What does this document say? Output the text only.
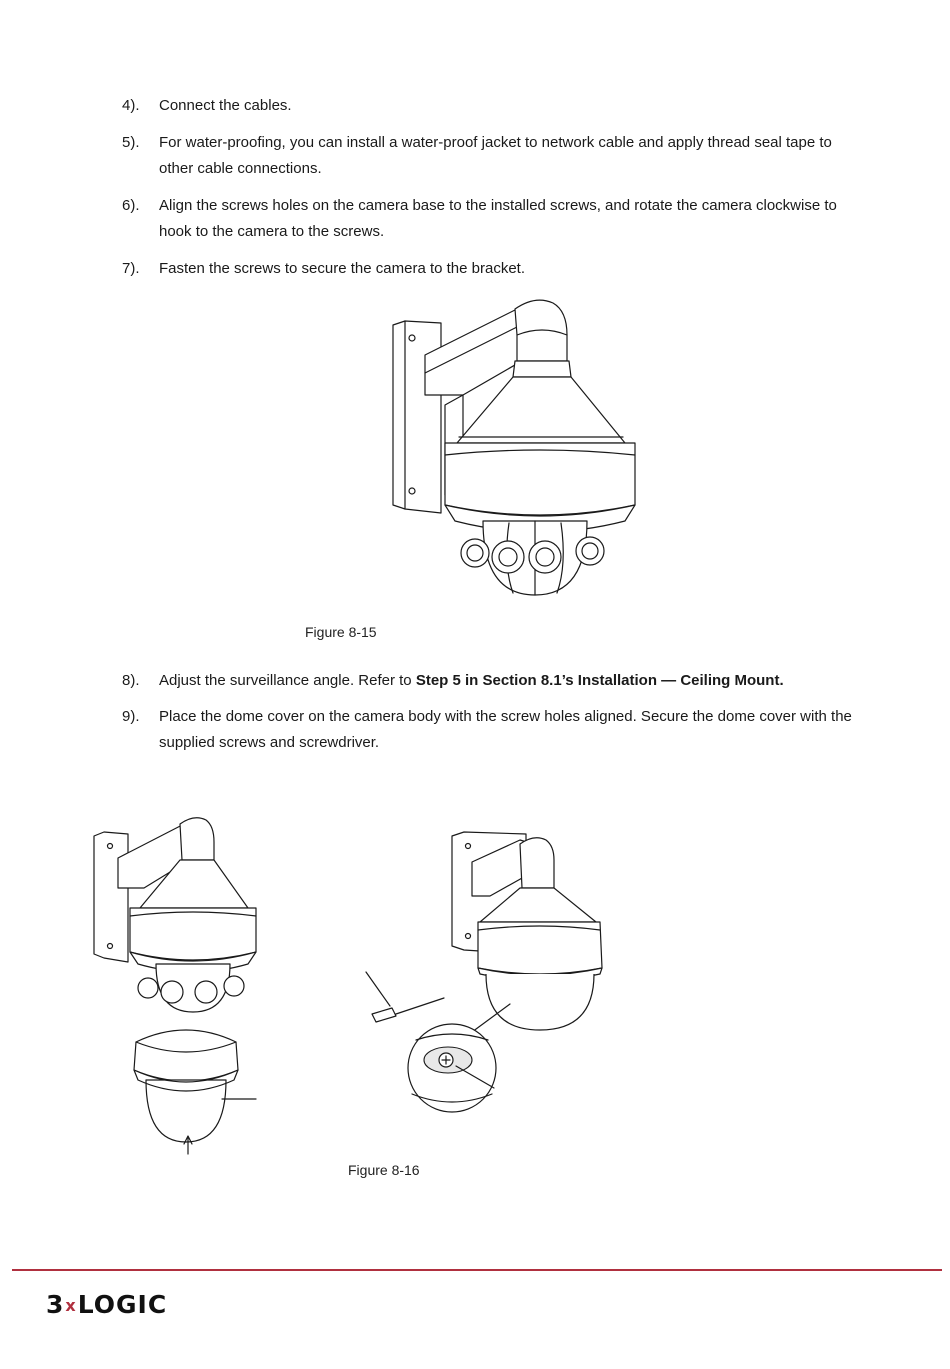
4). Connect the cables.
5). For water-proofing, you can install a water-proof jacket to network cable and apply thread seal tape to other cable connections.
6). Align the screws holes on the camera base to the installed screws, and rotate the camera clockwise to hook to the camera to the screws.
7). Fasten the screws to secure the camera to the bracket.
Figure 8-15
8). Adjust the surveillance angle. Refer to Step 5 in Section 8.1’s Installation — Ceiling Mount.
9). Place the dome cover on the camera body with the screw holes aligned. Secure the dome cover with the supplied screws and screwdriver.
Figure 8-16
3xLOGIC
